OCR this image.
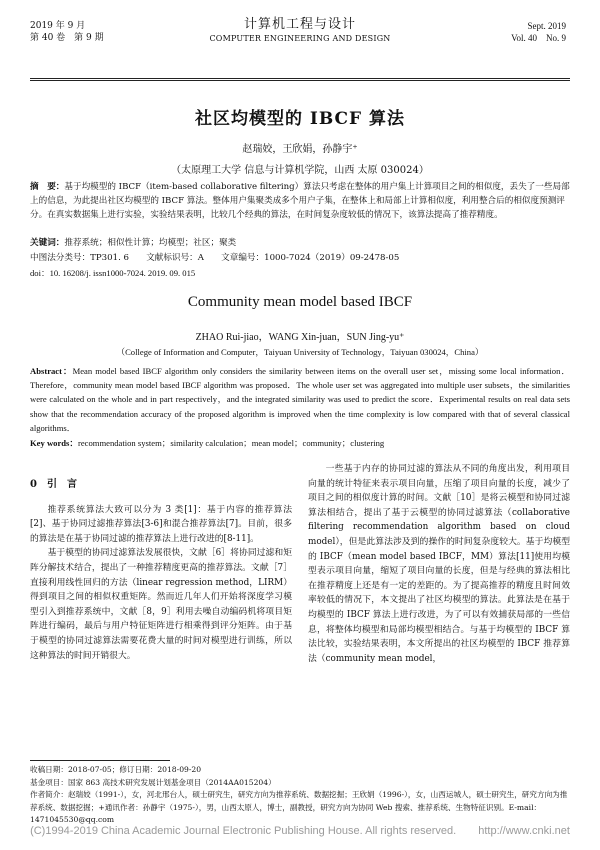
2019 年 9 月
第 40 卷　第 9 期
计算机工程与设计
COMPUTER ENGINEERING AND DESIGN
Sept. 2019
Vol. 40　No. 9
社区均模型的 IBCF 算法
赵瑞姣，王欣娟，孙静宇⁺
（太原理工大学 信息与计算机学院，山西 太原 030024）
摘　要：基于均模型的 IBCF（item-based collaborative filtering）算法只考虑在整体的用户集上计算项目之间的相似度，丢失了一些局部上的信息，为此提出社区均模型的 IBCF 算法。整体用户集聚类成多个用户子集，在整体上和局部上计算相似度，利用整合后的相似度预测评分。在真实数据集上进行实验，实验结果表明，比较几个经典的算法，在时间复杂度较低的情况下，该算法提高了推荐精度。
关键词：推荐系统；相似性计算；均模型；社区；聚类
中图法分类号：TP301. 6　　文献标识号：A　　文章编号：1000-7024（2019）09-2478-05
doi：10. 16208/j. issn1000-7024. 2019. 09. 015
Community mean model based IBCF
ZHAO Rui-jiao，WANG Xin-juan，SUN Jing-yu⁺
（College of Information and Computer，Taiyuan University of Technology，Taiyuan 030024，China）
Abstract：Mean model based IBCF algorithm only considers the similarity between items on the overall user set，missing some local information．Therefore，community mean model based IBCF algorithm was proposed．The whole user set was aggregated into multiple user subsets，the similarities were calculated on the whole and in part respectively，and the integrated similarity was used to predict the score．Experimental results on real data sets show that the recommendation accuracy of the proposed algorithm is improved when the time complexity is low compared with that of several classical algorithms．
Key words：recommendation system；similarity calculation；mean model；community；clustering
0 引　言

推荐系统算法大致可以分为 3 类[1]：基于内容的推荐算法[2]、基于协同过滤推荐算法[3-6]和混合推荐算法[7]。目前，很多的算法是在基于协同过滤的推荐算法上进行改进的[8-11]。

基于模型的协同过滤算法发展很快，文献［6］将协同过滤和矩阵分解技术结合，提出了一种推荐精度更高的推荐算法。文献［7］直接利用线性回归的方法（linear regression method，LIRM）得到项目之间的相似权重矩阵。然而近几年人们开始将深度学习模型引入到推荐系统中，文献［8，9］利用去噪自动编码机将项目矩阵进行编码，最后与用户特征矩阵进行相乘得到评分矩阵。由于基于模型的协同过滤算法需要花费大量的时间对模型进行训练，所以这种算法的时间开销很大。

一些基于内存的协同过滤的算法从不同的角度出发，利用项目向量的统计特征来表示项目向量，压缩了项目向量的长度，减少了项目之间的相似度计算的时间。文献［10］是将云模型和协同过滤算法相结合，提出了基于云模型的协同过滤算法（collaborative filtering recommendation algorithm based on cloud model），但是此算法涉及到的操作的时间复杂度较大。基于均模型的 IBCF（mean model based IBCF，MM）算法[11]使用均模型表示项目向量，缩短了项目向量的长度，但是与经典的算法相比在推荐精度上还是有一定的差距的。为了提高推荐的精度且时间效率较低的情况下，本文提出了社区均模型的算法。此算法是在基于均模型的 IBCF 算法上进行改进，为了可以有效捕获局部的一些信息，将整体均模型和局部均模型相结合。与基于均模型的 IBCF 算法比较，实验结果表明，本文所提出的社区均模型的 IBCF 推荐算法（community mean model，

收稿日期：2018-07-05；修订日期：2018-09-20
基金项目：国家 863 高技术研究发展计划基金项目（2014AA015204）
作者简介：赵瑞姣（1991-），女，河北邢台人，硕士研究生，研究方向为推荐系统、数据挖掘；王欣娟（1996-），女，山西运城人，硕士研究生，研究方向为推荐系统、数据挖掘；+通讯作者：孙静宇（1975-），男，山西太原人，博士，副教授，研究方向为协同 Web 搜索、推荐系统、生物特征识别。E-mail：1471045530@qq.com
(C)1994-2019 China Academic Journal Electronic Publishing House. All rights reserved.　　http://www.cnki.net
